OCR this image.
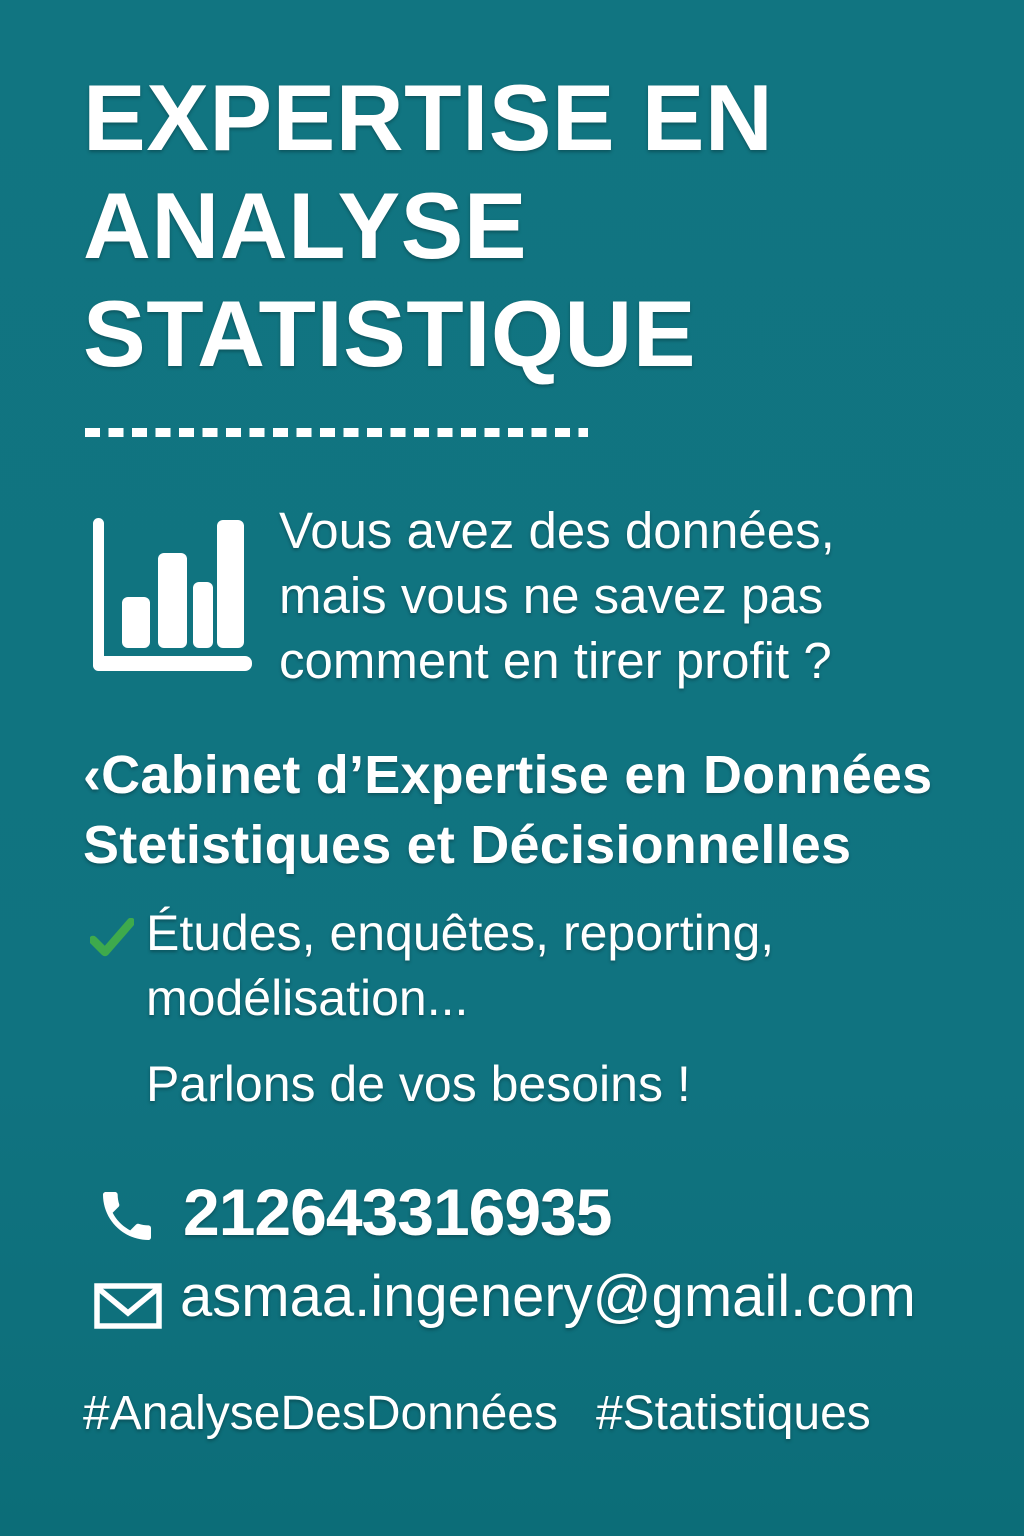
EXPERTISE EN
ANALYSE
STATISTIQUE
Vous avez des données,
mais vous ne savez pas
comment en tirer profit ?
‹Cabinet d’Expertise en Données
Stetistiques et Décisionnelles
Études, enquêtes, reporting,
modélisation...
Parlons de vos besoins !
212643316935
asmaa.ingenery@gmail.com
#AnalyseDesDonnées #Statistiques
